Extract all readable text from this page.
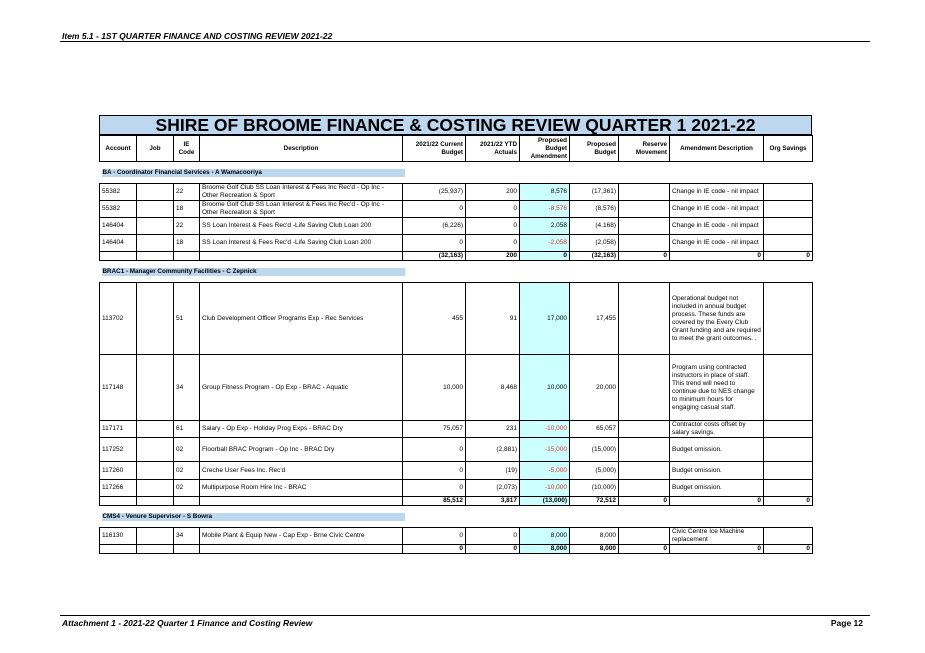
Item 5.1 - 1ST QUARTER FINANCE AND COSTING REVIEW 2021-22
SHIRE OF BROOME FINANCE & COSTING REVIEW QUARTER 1 2021-22
Account	Job	IE Code	Description	2021/22 Current Budget	2021/22 YTD Actuals	Proposed Budget Amendment	Proposed Budget	Reserve Movement	Amendment Description	Org Savings

BA - Coordinator Financial Services - A Wamacooriya										

55382		22	Broome Golf Club SS Loan Interest & Fees Inc Rec'd - Op Inc - Other Recreation & Sport	(25,937)	200	8,576	(17,361)		Change in IE code - nil impact	
55382		18	Broome Golf Club SS Loan Interest & Fees Inc Rec'd - Op Inc - Other Recreation & Sport	0	0	-8,576	(8,576)		Change in IE code - nil impact	
146404		22	SS Loan Interest & Fees Rec'd -Life Saving Club Loan 200	(6,226)	0	2,058	(4,168)		Change in IE code - nil impact	
146404		18	SS Loan Interest & Fees Rec'd -Life Saving Club Loan 200	0	0	-2,058	(2,058)		Change in IE code - nil impact	
				(32,163)	200	0	(32,163)	0	0	0

BRAC1 - Manager Community Facilities - C Zepnick										

113702		51	Club Development Officer Programs Exp - Rec Services	455	91	17,000	17,455		Operational budget not included in annual budget process. These funds are covered by the Every Club Grant funding and are required to meet the grant outcomes. .	
117148		34	Group Fitness Program - Op Exp - BRAC - Aquatic	10,000	8,468	10,000	20,000		Program using contracted instructors in place of staff. This trend will need to continue due to NES change to minimum hours for engaging casual staff.	
117171		61	Salary - Op Exp - Holiday Prog Exps - BRAC Dry	75,057	231	-10,000	65,057		Contractor costs offset by salary savings.	
117252		02	Floorball BRAC Program - Op Inc - BRAC Dry	0	(2,881)	-15,000	(15,000)		Budget omission.	
117260		02	Creche User Fees Inc. Rec'd	0	(19)	-5,000	(5,000)		Budget omission.	
117266		02	Multipurpose Room Hire Inc - BRAC	0	(2,073)	-10,000	(10,000)		Budget omission.	
				85,512	3,817	(13,000)	72,512	0	0	0

CMS4 - Venure Supervisor - S Bowra										

116130		34	Mobile Plant & Equip New - Cap Exp - Brne Civic Centre	0	0	8,000	8,000		Civic Centre Ice Machine replacement	
				0	0	8,000	8,000	0	0	0
Attachment 1 - 2021-22 Quarter 1 Finance and Costing Review	Page 12
